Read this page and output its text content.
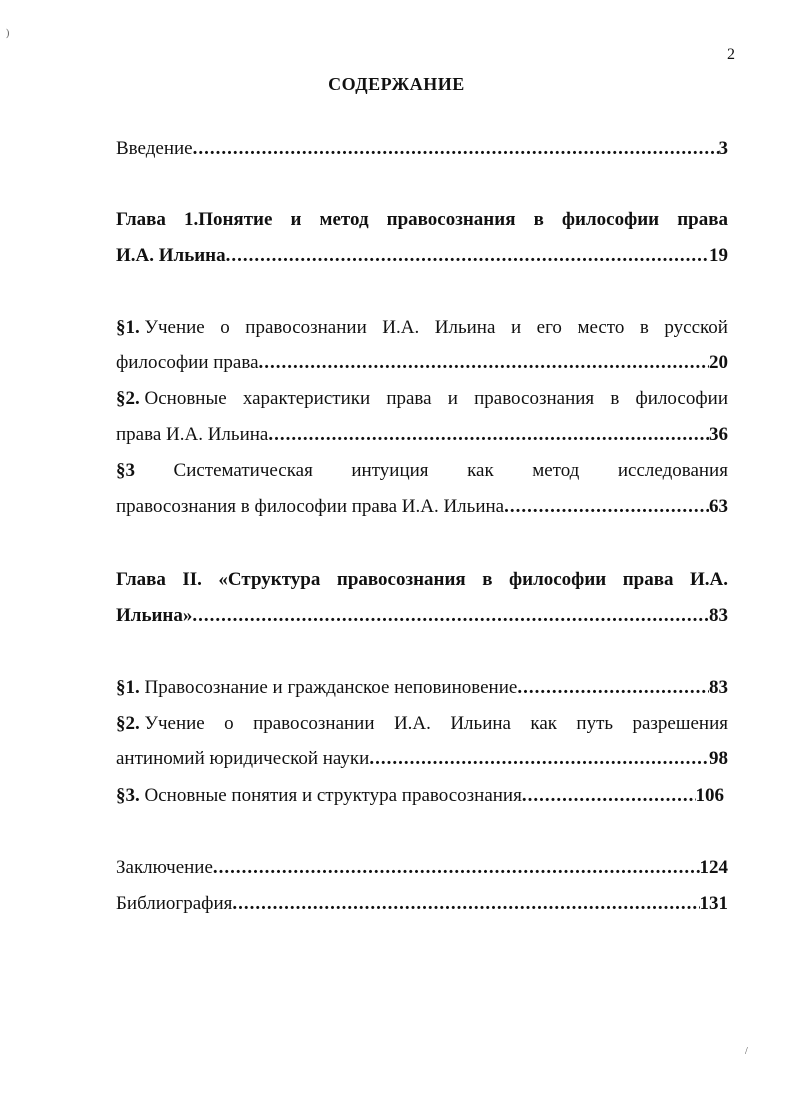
)
/
2
СОДЕРЖАНИЕ
Введение .....	3
Глава 1.Понятие и метод правосознания в философии права
И.А. Ильина .....	19
§1. Учение о правосознании И.А. Ильина и его место в русской
философии права .....	20
§2. Основные характеристики права и правосознания в философии
права И.А. Ильина .....	36
§3 Систематическая интуиция как метод исследования
правосознания в философии права И.А. Ильина .....	63
Глава II. «Структура правосознания в философии права И.А.
Ильина» .....	83
§1. Правосознание и гражданское неповиновение .....	83
§2. Учение о правосознании И.А. Ильина как путь разрешения
антиномий юридической науки .....	98
§3. Основные понятия и структура правосознания .....	106
Заключение .....	124
Библиография .....	131
